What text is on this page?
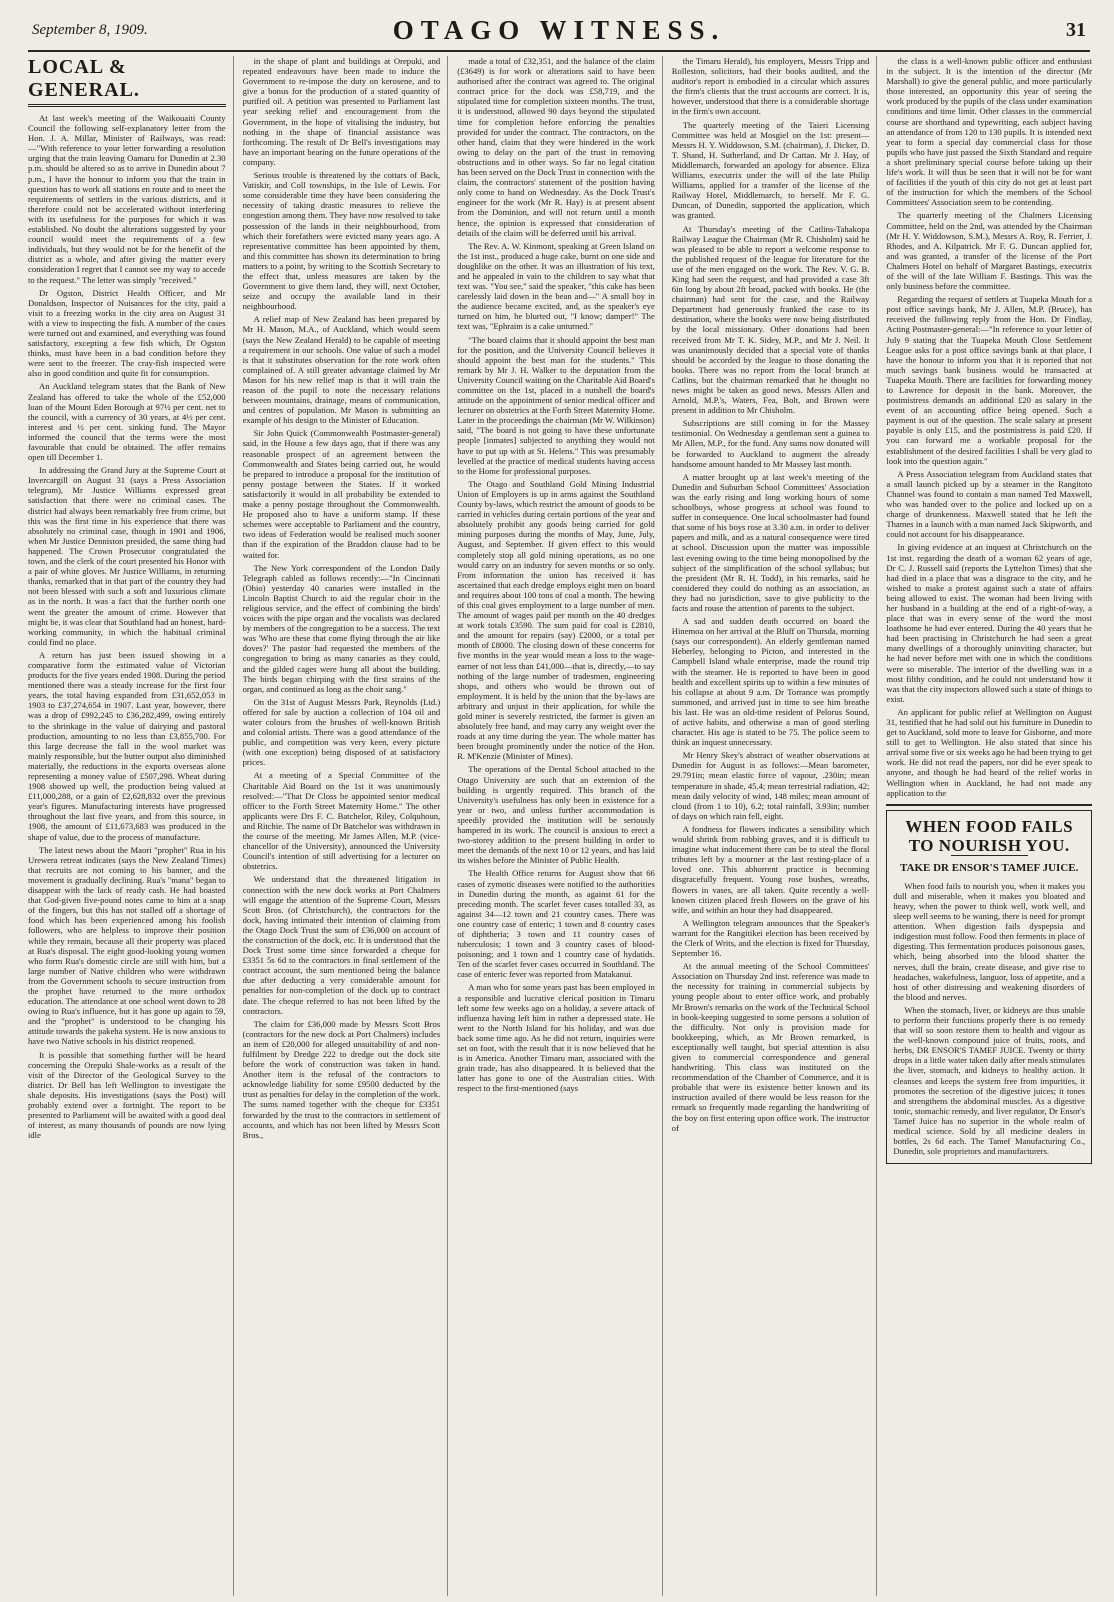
September 8, 1909.	OTAGO WITNESS.	31
LOCAL & GENERAL.

At last week's meeting of the Waikouaiti County Council the following self-explanatory letter from the Hon. J. A. Millar, Minister of Railways, was read:—"With reference to your letter forwarding a resolution urging that the train leaving Oamaru for Dunedin at 2.30 p.m. should be altered so as to arrive in Dunedin about 7 p.m., I have the honour to inform you that the train in question has to work all stations en route and to meet the requirements of settlers in the various districts, and it therefore could not be accelerated without interfering with its usefulness for the purposes for which it was established. No doubt the alterations suggested by your council would meet the requirements of a few individuals, but they would not be for the benefit of the district as a whole, and after giving the matter every consideration I regret that I cannot see my way to accede to the request." The letter was simply "received."

Dr Ogston, District Health Officer, and Mr Donaldson, Inspector of Nuisances for the city, paid a visit to a freezing works in the city area on August 31 with a view to inspecting the fish. A number of the cases were turned out and examined, and everything was found satisfactory, excepting a few fish which, Dr Ogston thinks, must have been in a bad condition before they were sent to the freezer. The cray-fish inspected were also in good condition and quite fit for consumption.

An Auckland telegram states that the Bank of New Zealand has offered to take the whole of the £52,000 loan of the Mount Eden Borough at 97½ per cent. net to the council, with a currency of 30 years, at 4½ per cent. interest and ½ per cent. sinking fund. The Mayor informed the council that the terms were the most favourable that could be obtained. The offer remains open till December 1.

In addressing the Grand Jury at the Supreme Court at Invercargill on August 31 (says a Press Association telegram), Mr Justice Williams expressed great satisfaction that there were no criminal cases. The district had always been remarkably free from crime, but this was the first time in his experience that there was absolutely no criminal case, though in 1901 and 1906, when Mr Justice Denniston presided, the same thing had happened. The Crown Prosecutor congratulated the town, and the clerk of the court presented his Honor with a pair of white gloves. Mr Justice Williams, in returning thanks, remarked that in that part of the country they had not been blessed with such a soft and luxurious climate as in the north. It was a fact that the further north one went the greater the amount of crime. However that might be, it was clear that Southland had an honest, hard-working community, in which the habitual criminal could find no place.

A return has just been issued showing in a comparative form the estimated value of Victorian products for the five years ended 1908. During the period mentioned there was a steady increase for the first four years, the total having expanded from £31,652,053 in 1903 to £37,274,654 in 1907. Last year, however, there was a drop of £992,245 to £36,282,499, owing entirely to the shrinkage in the value of dairying and pastoral production, amounting to no less than £3,855,700. For this large decrease the fall in the wool market was mainly responsible, but the butter output also diminished materially, the reductions in the exports overseas alone representing a money value of £507,298. Wheat during 1908 showed up well, the production being valued at £11,000,288, or a gain of £2,628,832 over the previous year's figures. Manufacturing interests have progressed throughout the last five years, and from this source, in 1908, the amount of £11,673,683 was produced in the shape of value, due to the process of manufacture.

The latest news about the Maori "prophet" Rua in his Urewera retreat indicates (says the New Zealand Times) that recruits are not coming to his banner, and the movement is gradually declining. Rua's "mana" began to disappear with the lack of ready cash. He had boasted that God-given five-pound notes came to him at a snap of the fingers, but this has not stalled off a shortage of food which has been experienced among his foolish followers, who are helpless to improve their position while they remain, because all their property was placed at Rua's disposal. The eight good-looking young women who form Rua's domestic circle are still with him, but a large number of Native children who were withdrawn from the Government schools to secure instruction from the prophet have returned to the more orthodox education. The attendance at one school went down to 28 owing to Rua's influence, but it has gone up again to 59, and the "prophet" is understood to be changing his attitude towards the pakeha system. He is now anxious to have two Native schools in his district reopened.

It is possible that something further will be heard concerning the Orepuki Shale-works as a result of the visit of the Director of the Geological Survey to the district. Dr Bell has left Wellington to investigate the shale deposits. His investigations (says the Post) will probably extend over a fortnight. The report to be presented to Parliament will be awaited with a good deal of interest, as many thousands of pounds are now lying idle

in the shape of plant and buildings at Orepuki, and repeated endeavours have been made to induce the Government to re-impose the duty on kerosene, and to give a bonus for the production of a stated quantity of purified oil. A petition was presented to Parliament last year seeking relief and encouragement from the Government, in the hope of vitalising the industry, but nothing in the shape of financial assistance was forthcoming. The result of Dr Bell's investigations may have an important bearing on the future operations of the company.

Serious trouble is threatened by the cottars of Back, Vatiskir, and Coll townships, in the Isle of Lewis. For some considerable time they have been considering the necessity of taking drastic measures to relieve the congestion among them. They have now resolved to take possession of the lands in their neighbourhood, from which their forefathers were evicted many years ago. A representative committee has been appointed by them, and this committee has shown its determination to bring matters to a point, by writing to the Scottish Secretary to the effect that, unless measures are taken by the Government to give them land, they will, next October, seize and occupy the available land in their neighbourhood.

A relief map of New Zealand has been prepared by Mr H. Mason, M.A., of Auckland, which would seem (says the New Zealand Herald) to be capable of meeting a requirement in our schools. One value of such a model is that it substitutes observation for the rote work often complained of. A still greater advantage claimed by Mr Mason for his new relief map is that it will train the reason of the pupil to note the necessary relations between mountains, drainage, means of communication, and centres of population. Mr Mason is submitting an example of his design to the Minister of Education.

Sir John Quick (Commonwealth Postmaster-general) said, in the House a few days ago, that if there was any reasonable prospect of an agreement between the Commonwealth and States being carried out, he would be prepared to introduce a proposal for the institution of penny postage between the States. If it worked satisfactorily it would in all probability be extended to make a penny postage throughout the Commonwealth. He proposed also to have a uniform stamp. If these schemes were acceptable to Parliament and the country, two ideas of Federation would be realised much sooner than if the expiration of the Braddon clause had to be waited for.

The New York correspondent of the London Daily Telegraph cabled as follows recently:—"In Cincinnati (Ohio) yesterday 40 canaries were installed in the Lincoln Baptist Church to aid the regular choir in the religious service, and the effect of combining the birds' voices with the pipe organ and the vocalists was declared by members of the congregation to be a success. The text was 'Who are these that come flying through the air like doves?' The pastor had requested the members of the congregation to bring as many canaries as they could, and the gilded cages were hung all about the building. The birds began chirping with the first strains of the organ, and continued as long as the choir sang."

On the 31st of August Messrs Park, Reynolds (Ltd.) offered for sale by auction a collection of 104 oil and water colours from the brushes of well-known British and colonial artists. There was a good attendance of the public, and competition was very keen, every picture (with one exception) being disposed of at satisfactory prices.

At a meeting of a Special Committee of the Charitable Aid Board on the 1st it was unanimously resolved:—"That Dr Closs be appointed senior medical officer to the Forth Street Maternity Home." The other applicants were Drs F. C. Batchelor, Riley, Colquhoun, and Ritchie. The name of Dr Batchelor was withdrawn in the course of the meeting. Mr James Allen, M.P. (vice-chancellor of the University), announced the University Council's intention of still advertising for a lecturer on obstetrics.

We understand that the threatened litigation in connection with the new dock works at Port Chalmers will engage the attention of the Supreme Court, Messrs Scott Bros. (of Christchurch), the contractors for the dock, having intimated their intention of claiming from the Otago Dock Trust the sum of £36,000 on account of the construction of the dock, etc. It is understood that the Dock Trust some time since forwarded a cheque for £3351 5s 6d to the contractors in final settlement of the contract account, the sum mentioned being the balance due after deducting a very considerable amount for penalties for non-completion of the dock up to contract date. The cheque referred to has not been lifted by the contractors.

The claim for £36,000 made by Messrs Scott Bros (contractors for the new dock at Port Chalmers) includes an item of £20,000 for alleged unsuitability of and non-fulfilment by Dredge 222 to dredge out the dock site before the work of construction was taken in hand. Another item is the refusal of the contractors to acknowledge liability for some £9500 deducted by the trust as penalties for delay in the completion of the work. The sums named together with the cheque for £3351 forwarded by the trust to the contractors in settlement of accounts, and which has not been lifted by Messrs Scott Bros.,

made a total of £32,351, and the balance of the claim (£3649) is for work or alterations said to have been authorised after the contract was agreed to. The original contract price for the dock was £58,719, and the stipulated time for completion sixteen months. The trust, it is understood, allowed 90 days beyond the stipulated time for completion before enforcing the penalties provided for under the contract. The contractors, on the other hand, claim that they were hindered in the work owing to delay on the part of the trust in removing obstructions and in other ways. So far no legal citation has been served on the Dock Trust in connection with the claim, the contractors' statement of the position having only come to hand on Wednesday. As the Dock Trust's engineer for the work (Mr R. Hay) is at present absent from the Dominion, and will not return until a month hence, the opinion is expressed that consideration of details of the claim will be deferred until his arrival.

The Rev. A. W. Kinmont, speaking at Green Island on the 1st inst., produced a huge cake, burnt on one side and doughlike on the other. It was an illustration of his text, and he appealed in vain to the children to say what that text was. "You see," said the speaker, "this cake has been carelessly laid down in the bean and—" A small boy in the audience became excited, and, as the speaker's eye turned on him, he blurted out, "I know; damper!" The text was, "Ephraim is a cake unturned."

"The board claims that it should appoint the best man for the position, and the University Council believes it should appoint the best man for the students." This remark by Mr J. H. Walker to the deputation from the University Council waiting on the Charitable Aid Board's committee on the 1st, placed in a nutshell the board's attitude on the appointment of senior medical officer and lecturer on obstetrics at the Forth Street Maternity Home. Later in the proceedings the chairman (Mr W. Wilkinson) said, "The board is not going to have these unfortunate people [inmates] subjected to anything they would not have to put up with at St. Helens." This was presumably levelled at the practice of medical students having access to the Home for professional purposes.

The Otago and Southland Gold Mining Industrial Union of Employers is up in arms against the Southland County by-laws, which restrict the amount of goods to be carried in vehicles during certain portions of the year and absolutely prohibit any goods being carried for gold mining purposes during the months of May, June, July, August, and September. If given effect to this would completely stop all gold mining operations, as no one would carry on an industry for seven months or so only. From information the union has received it has ascertained that each dredge employs eight men on board and requires about 100 tons of coal a month. The hewing of this coal gives employment to a large number of men. The amount of wages paid per month on the 40 dredges at work totals £3590. The sum paid for coal is £2810, and the amount for repairs (say) £2000, or a total per month of £8000. The closing down of these concerns for five months in the year would mean a loss to the wage-earner of not less than £41,000—that is, directly,—to say nothing of the large number of tradesmen, engineering shops, and others who would be thrown out of employment. It is held by the union that the by-laws are arbitrary and unjust in their application, for while the gold miner is severely restricted, the farmer is given an absolutely free hand, and may carry any weight over the roads at any time during the year. The whole matter has been brought prominently under the notice of the Hon. R. M'Kenzie (Minister of Mines).

The operations of the Dental School attached to the Otago University are such that an extension of the building is urgently required. This branch of the University's usefulness has only been in existence for a year or two, and unless further accommodation is speedily provided the institution will be seriously hampered in its work. The council is anxious to erect a two-storey addition to the present building in order to meet the demands of the next 10 or 12 years, and has laid its wishes before the Minister of Public Health.

The Health Office returns for August show that 66 cases of zymotic diseases were notified to the authorities in Dunedin during the month, as against 61 for the preceding month. The scarlet fever cases totalled 33, as against 34—12 town and 21 country cases. There was one country case of enteric; 1 town and 8 country cases of diphtheria; 3 town and 11 country cases of tuberculosis; 1 town and 3 country cases of blood-poisoning; and 1 town and 1 country case of hydatids. Ten of the scarlet fever cases occurred in Southland. The case of enteric fever was reported from Matakanui.

A man who for some years past has been employed in a responsible and lucrative clerical position in Timaru left some few weeks ago on a holiday, a severe attack of influenza having left him in rather a depressed state. He went to the North Island for his holiday, and was due back some time ago. As he did not return, inquiries were set on foot, with the result that it is now believed that he is in America. Another Timaru man, associated with the grain trade, has also disappeared. It is believed that the latter has gone to one of the Australian cities. With respect to the first-mentioned (says

the Timaru Herald), his employers, Messrs Tripp and Rolleston, solicitors, had their books audited, and the auditor's report is embodied in a circular which assures the firm's clients that the trust accounts are correct. It is, however, understood that there is a considerable shortage in the firm's own account.

The quarterly meeting of the Taieri Licensing Committee was held at Mosgiel on the 1st: present—Messrs H. Y. Widdowson, S.M. (chairman), J. Dicker, D. T. Shand, H. Sutherland, and Dr Cattan. Mr J. Hay, of Middlemarch, forwarded an apology for absence. Eliza Williams, executrix under the will of the late Philip Williams, applied for a transfer of the license of the Railway Hotel, Middlemarch, to herself. Mr F. G. Duncan, of Dunedin, supported the application, which was granted.

At Thursday's meeting of the Catlins-Tahakopa Railway League the Chairman (Mr R. Chisholm) said he was pleased to be able to report a welcome response to the published request of the league for literature for the use of the men engaged on the work. The Rev. V. G. B. King had seen the request, and had provided a case 3ft 6in long by about 2ft broad, packed with books. He (the chairman) had sent for the case, and the Railway Department had generously franked the case to its destination, where the books were now being distributed by the local missionary. Other donations had been received from Mr T. K. Sidey, M.P., and Mr J. Neil. It was unanimously decided that a special vote of thanks should be accorded by the league to those donating the books. There was no report from the local branch at Catlins, but the chairman remarked that he thought no news might be taken as good news. Messrs Allen and Arnold, M.P.'s, Waters, Fea, Bolt, and Brown were present in addition to Mr Chisholm.

Subscriptions are still coming in for the Massey testimonial. On Wednesday a gentleman sent a guinea to Mr Allen, M.P., for the fund. Any sums now donated will be forwarded to Auckland to augment the already handsome amount handed to Mr Massey last month.

A matter brought up at last week's meeting of the Dunedin and Suburban School Committees' Association was the early rising and long working hours of some schoolboys, whose progress at school was found to suffer in consequence. One local schoolmaster had found that some of his boys rose at 3.30 a.m. in order to deliver papers and milk, and as a natural consequence were tired at school. Discussion upon the matter was impossible last evening owing to the time being monopolised by the subject of the simplification of the school syllabus; but the president (Mr R. H. Todd), in his remarks, said he considered they could do nothing as an association, as they had no jurisdiction, save to give publicity to the facts and rouse the attention of parents to the subject.

A sad and sudden death occurred on board the Hinemoa on her arrival at the Bluff on Thursda, morning (says our correspondent). An elderly gentleman named Heberley, belonging to Picton, and interested in the Campbell Island whale enterprise, made the round trip with the steamer. He is reported to have been in good health and excellent spirits up to within a few minutes of his collapse at about 9 a.m. Dr Torrance was promptly summoned, and arrived just in time to see him breathe his last. He was an old-time resident of Pelorus Sound, of active habits, and otherwise a man of good sterling character. His age is stated to be 75. The police seem to think an inquest unnecessary.

Mr Henry Skey's abstract of weather observations at Dunedin for August is as follows:—Mean barometer, 29.791in; mean elastic force of vapour, .230in; mean temperature in shade, 45.4; mean terrestrial radiation, 42; mean daily velocity of wind, 148 miles; mean amount of cloud (from 1 to 10), 6.2; total rainfall, 3.93in; number of days on which rain fell, eight.

A fondness for flowers indicates a sensibility which would shrink from robbing graves, and it is difficult to imagine what inducement there can be to steal the floral tributes left by a mourner at the last resting-place of a loved one. This abhorrent practice is becoming disgracefully frequent. Young rose bushes, wreaths, flowers in vases, are all taken. Quite recently a well-known citizen placed fresh flowers on the grave of his wife, and within an hour they had disappeared.

A Wellington telegram announces that the Speaker's warrant for the Rangitikei election has been received by the Clerk of Writs, and the election is fixed for Thursday, September 16.

At the annual meeting of the School Committees' Association on Thursday 2nd inst. reference was made to the necessity for training in commercial subjects by young people about to enter office work, and probably Mr Brown's remarks on the work of the Technical School in book-keeping suggested to some persons a solution of the difficulty. Not only is provision made for bookkeeping, which, as Mr Brown remarked, is exceptionally well taught, but special attention is also given to commercial correspondence and general handwriting. This class was instituted on the recommendation of the Chamber of Commerce, and it is probable that were its existence better known and its instruction availed of there would be less reason for the remark so frequently made regarding the handwriting of the boy on first entering upon office work. The instructor of

the class is a well-known public officer and enthusiast in the subject. It is the intention of the director (Mr Marshall) to give the general public, and more particularly those interested, an opportunity this year of seeing the work produced by the pupils of the class under examination conditions and time limit. Other classes in the commercial course are shorthand and typewriting, each subject having an attendance of from 120 to 130 pupils. It is intended next year to form a special day commercial class for those pupils who have just passed the Sixth Standard and require a short preliminary special course before taking up their life's work. It will thus be seen that it will not be for want of facilities if the youth of this city do not get at least part of the instruction for which the members of the School Committees' Association seem to be contending.

The quarterly meeting of the Chalmers Licensing Committee, held on the 2nd, was attended by the Chairman (Mr H. Y. Widdowson, S.M.), Messrs A. Roy, R. Ferrier, J. Rhodes, and A. Kilpatrick. Mr F. G. Duncan applied for, and was granted, a transfer of the license of the Port Chalmers Hotel on behalf of Margaret Bastings, executrix of the will of the late William F. Bastings. This was the only business before the committee.

Regarding the request of settlers at Tuapeka Mouth for a post office savings bank, Mr J. Allen, M.P. (Bruce), has received the following reply from the Hon. Dr Findlay, Acting Postmaster-general:—"In reference to your letter of July 9 stating that the Tuapeka Mouth Close Settlement League asks for a post office savings bank at that place, I have the honour to inform you that it is reported that not much savings bank business would be transacted at Tuapeka Mouth. There are facilities for forwarding money to Lawrence for deposit in the bank. Moreover, the postmistress demands an additional £20 as salary in the event of an accounting office being opened. Such a payment is out of the question. The scale salary at present payable is only £15, and the postmistress is paid £20. If you can forward me a workable proposal for the establishment of the desired facilities I shall be very glad to look into the question again."

A Press Association telegram from Auckland states that a small launch picked up by a steamer in the Rangitoto Channel was found to contain a man named Ted Maxwell, who was handed over to the police and locked up on a charge of drunkenness. Maxwell stated that he left the Thames in a launch with a man named Jack Skipworth, and could not account for his disappearance.

In giving evidence at an inquest at Christchurch on the 1st inst. regarding the death of a woman 62 years of age, Dr C. J. Russell said (reports the Lyttelton Times) that she had died in a place that was a disgrace to the city, and he wished to make a protest against such a state of affairs being allowed to exist. The woman had been living with her husband in a building at the end of a right-of-way, a place that was in every sense of the word the most loathsome he had ever entered. During the 40 years that he had been practising in Christchurch he had seen a great many dwellings of a thoroughly uninviting character, but he had never before met with one in which the conditions were so miserable. The interior of the dwelling was in a most filthy condition, and he could not understand how it was that the city inspectors allowed such a state of things to exist.

An applicant for public relief at Wellington on August 31, testified that he had sold out his furniture in Dunedin to get to Auckland, sold more to leave for Gisborne, and more still to get to Wellington. He also stated that since his arrival some five or six weeks ago he had been trying to get work. He did not read the papers, nor did he ever speak to anyone, and though he had heard of the relief works in Wellington when in Auckland, he had not made any application to the

WHEN FOOD FAILS TO NOURISH YOU.
TAKE DR ENSOR'S TAMEF JUICE.

When food fails to nourish you, when it makes you dull and miserable, when it makes you bloated and heavy, when the power to think well, work well, and sleep well seems to be waning, there is need for prompt attention. When digestion fails dyspepsia and indigestion must follow. Food then ferments in place of digesting. This fermentation produces poisonous gases, which, being absorbed into the blood shatter the nerves, dull the brain, create disease, and give rise to headaches, wakefulness, languor, loss of appetite, and a host of other distressing and weakening disorders of the blood and nerves.

When the stomach, liver, or kidneys are thus unable to perform their functions properly there is no remedy that will so soon restore them to health and vigour as the well-known compound juice of fruits, roots, and herbs, DR ENSOR'S TAMEF JUICE. Twenty or thirty drops in a little water taken daily after meals stimulates the liver, stomach, and kidneys to healthy action. It cleanses and keeps the system free from impurities, it promotes the secretion of the digestive juices; it tones and strengthens the abdominal muscles. As a digestive tonic, stomachic remedy, and liver regulator, Dr Ensor's Tamef Juice has no superior in the whole realm of medical science. Sold by all medicine dealers in bottles, 2s 6d each. The Tamef Manufacturing Co., Dunedin, sole proprietors and manufacturers.
